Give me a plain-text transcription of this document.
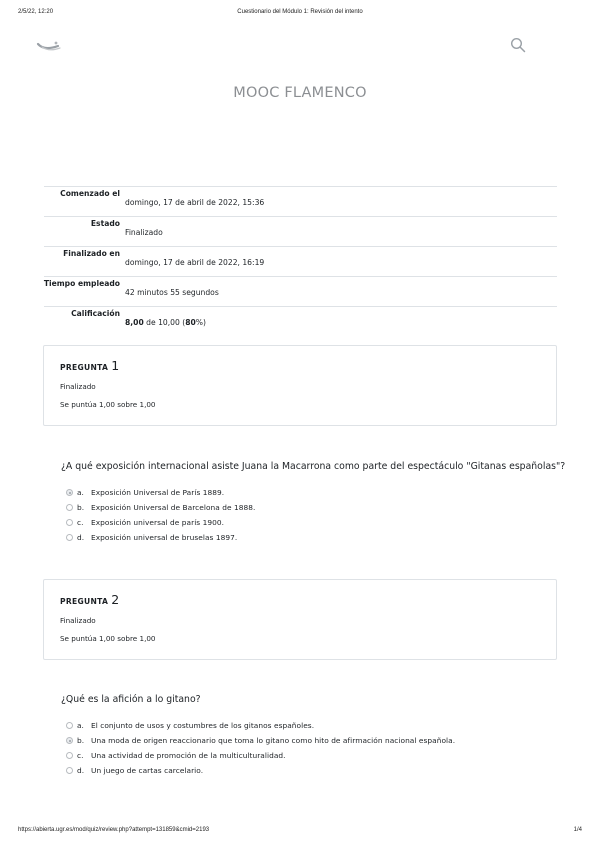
2/5/22, 12:20	Cuestionario del Módulo 1: Revisión del intento
MOOC FLAMENCO
Comenzado el
domingo, 17 de abril de 2022, 15:36
Estado
Finalizado
Finalizado en
domingo, 17 de abril de 2022, 16:19
Tiempo empleado
42 minutos 55 segundos
Calificación
8,00 de 10,00 (80%)
PREGUNTA 1
Finalizado
Se puntúa 1,00 sobre 1,00
¿A qué exposición internacional asiste Juana la Macarrona como parte del espectáculo "Gitanas españolas"?
a. Exposición Universal de París 1889.
b. Exposición Universal de Barcelona de 1888.
c. Exposición universal de parís 1900.
d. Exposición universal de bruselas 1897.
PREGUNTA 2
Finalizado
Se puntúa 1,00 sobre 1,00
¿Qué es la afición a lo gitano?
a. El conjunto de usos y costumbres de los gitanos españoles.
b. Una moda de origen reaccionario que toma lo gitano como hito de afirmación nacional española.
c. Una actividad de promoción de la multiculturalidad.
d. Un juego de cartas carcelario.
https://abierta.ugr.es/mod/quiz/review.php?attempt=131859&cmid=2193	1/4
